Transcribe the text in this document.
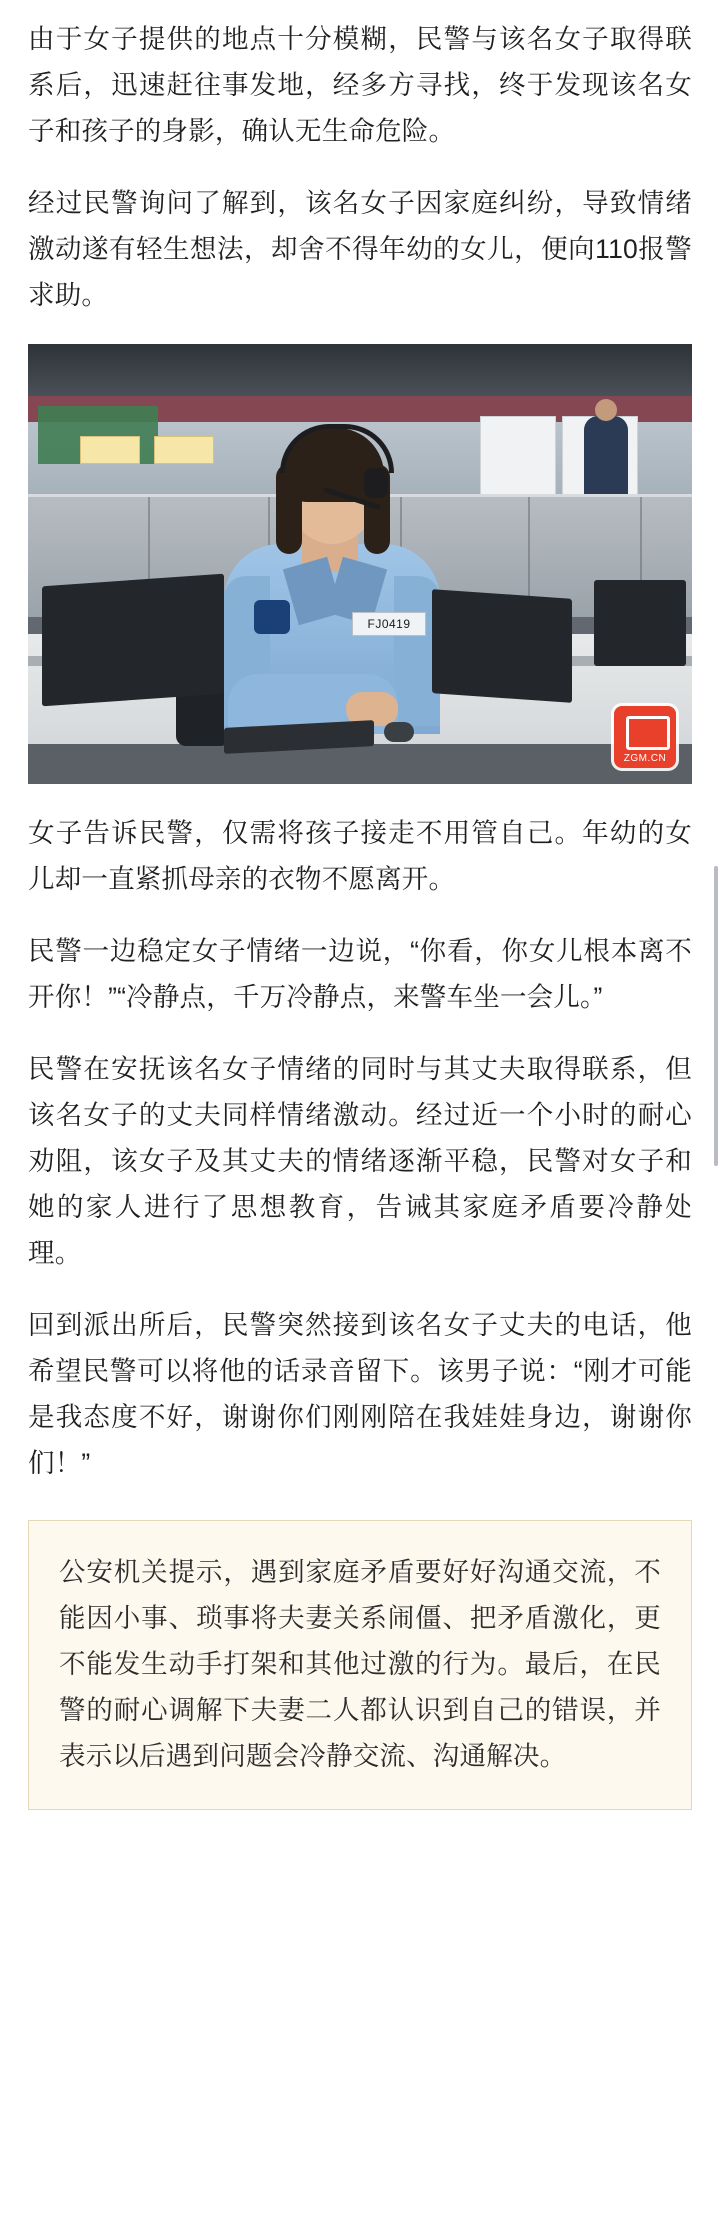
由于女子提供的地点十分模糊，民警与该名女子取得联系后，迅速赶往事发地，经多方寻找，终于发现该名女子和孩子的身影，确认无生命危险。

经过民警询问了解到，该名女子因家庭纠纷，导致情绪激动遂有轻生想法，却舍不得年幼的女儿，便向110报警求助。

FJ0419
ZGM.CN

女子告诉民警，仅需将孩子接走不用管自己。年幼的女儿却一直紧抓母亲的衣物不愿离开。

民警一边稳定女子情绪一边说，“你看，你女儿根本离不开你！”“冷静点，千万冷静点，来警车坐一会儿。”

民警在安抚该名女子情绪的同时与其丈夫取得联系，但该名女子的丈夫同样情绪激动。经过近一个小时的耐心劝阻，该女子及其丈夫的情绪逐渐平稳，民警对女子和她的家人进行了思想教育，告诫其家庭矛盾要冷静处理。

回到派出所后，民警突然接到该名女子丈夫的电话，他希望民警可以将他的话录音留下。该男子说：“刚才可能是我态度不好，谢谢你们刚刚陪在我娃娃身边，谢谢你们！”

公安机关提示，遇到家庭矛盾要好好沟通交流，不能因小事、琐事将夫妻关系闹僵、把矛盾激化，更不能发生动手打架和其他过激的行为。最后，在民警的耐心调解下夫妻二人都认识到自己的错误，并表示以后遇到问题会冷静交流、沟通解决。
